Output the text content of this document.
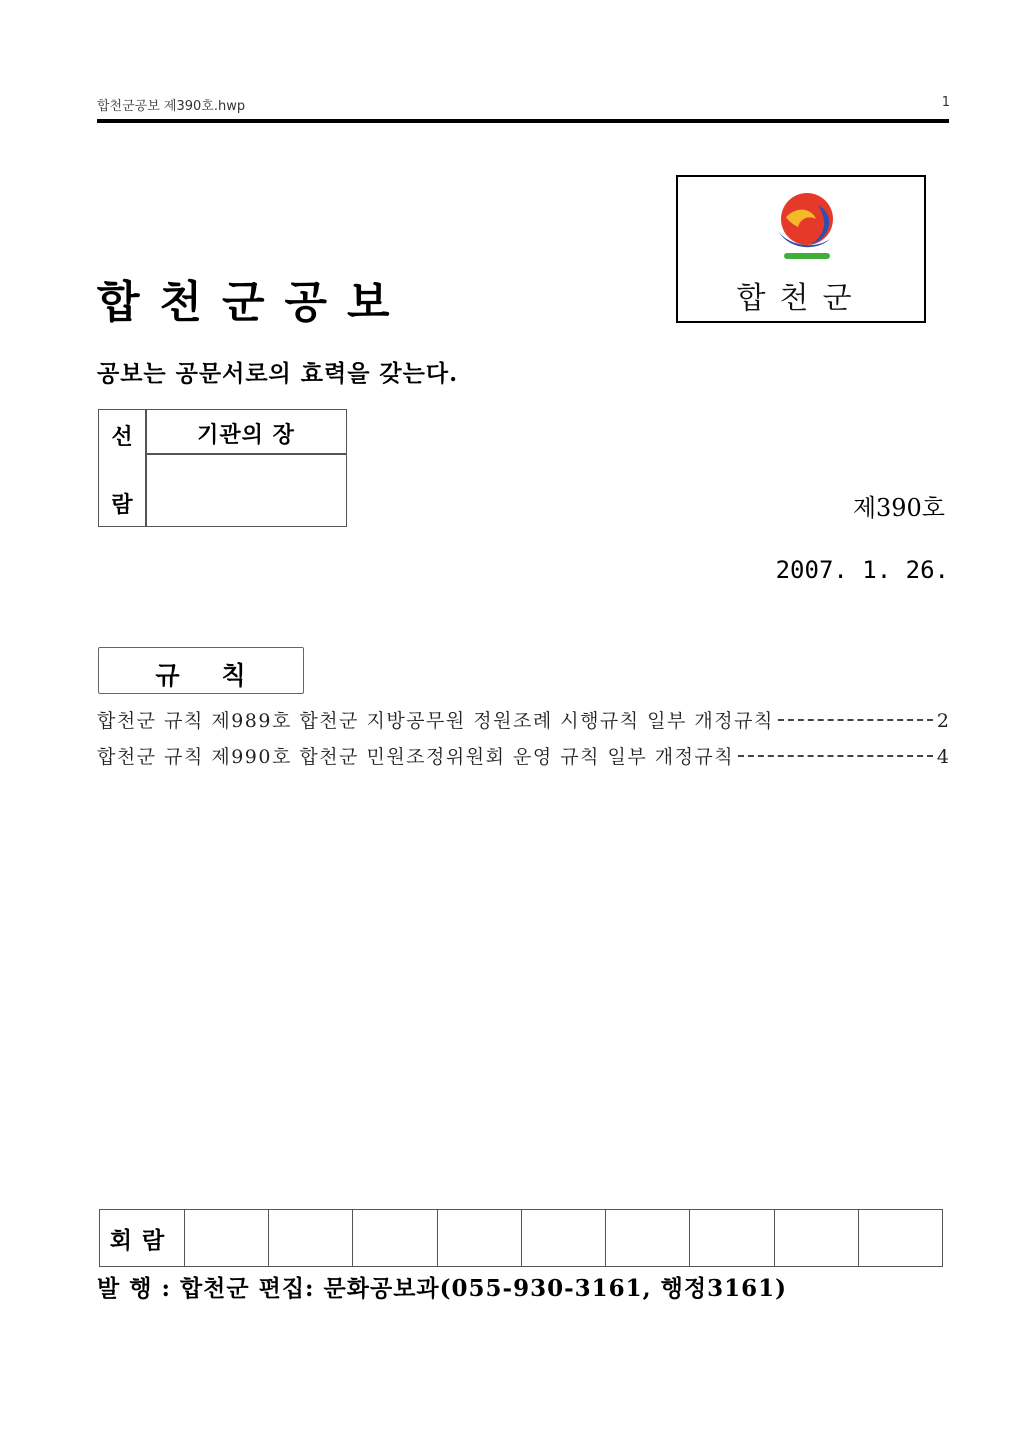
합천군공보 제390호.hwp	1
합천군
합천군공보
공보는 공문서로의 효력을 갖는다.
선
람
기관의 장
제390호
2007. 1. 26.
규칙
합천군 규칙 제989호 합천군 지방공무원 정원조례 시행규칙 일부 개정규칙	2
합천군 규칙 제990호 합천군 민원조정위원회 운영 규칙 일부 개정규칙	4
회람
발 행 : 합천군 편집: 문화공보과(055-930-3161, 행정3161)
